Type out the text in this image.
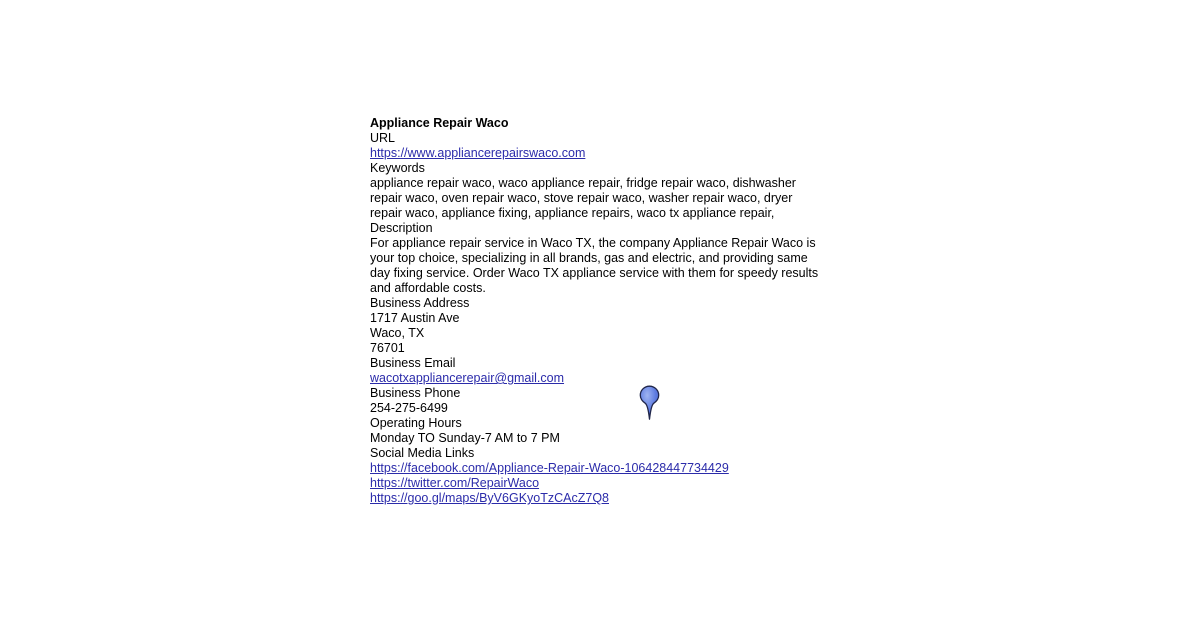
Appliance Repair Waco
URL
https://www.appliancerepairswaco.com
Keywords
appliance repair waco, waco appliance repair, fridge repair waco, dishwasher repair waco, oven repair waco, stove repair waco, washer repair waco, dryer repair waco, appliance fixing, appliance repairs, waco tx appliance repair,
Description
For appliance repair service in Waco TX, the company Appliance Repair Waco is your top choice, specializing in all brands, gas and electric, and providing same day fixing service. Order Waco TX appliance service with them for speedy results and affordable costs.
Business Address
1717 Austin Ave
Waco, TX
76701
Business Email
wacotxappliancerepair@gmail.com
Business Phone
254-275-6499
Operating Hours
Monday TO Sunday-7 AM to 7 PM
Social Media Links
https://facebook.com/Appliance-Repair-Waco-106428447734429
https://twitter.com/RepairWaco
https://goo.gl/maps/ByV6GKyoTzCAcZ7Q8
